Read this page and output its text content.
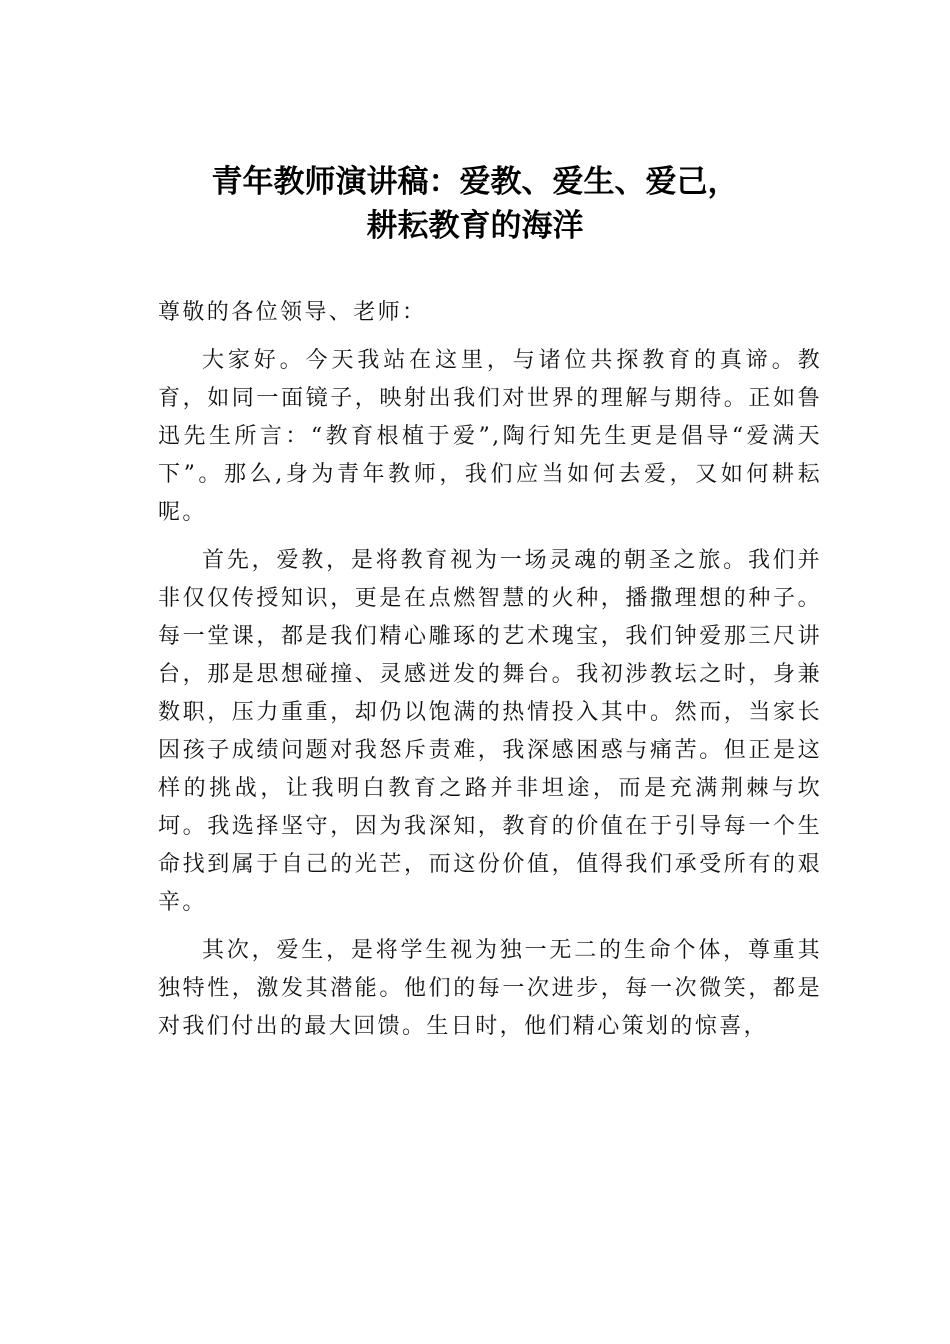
青年教师演讲稿：爱教、爱生、爱己，
耕耘教育的海洋

尊敬的各位领导、老师：

大家好。今天我站在这里，与诸位共探教育的真谛。教育，如同一面镜子，映射出我们对世界的理解与期待。正如鲁迅先生所言：“教育根植于爱”,陶行知先生更是倡导“爱满天下”。那么,身为青年教师，我们应当如何去爱，又如何耕耘呢。

首先，爱教，是将教育视为一场灵魂的朝圣之旅。我们并非仅仅传授知识，更是在点燃智慧的火种，播撒理想的种子。每一堂课，都是我们精心雕琢的艺术瑰宝，我们钟爱那三尺讲台，那是思想碰撞、灵感迸发的舞台。我初涉教坛之时，身兼数职，压力重重，却仍以饱满的热情投入其中。然而，当家长因孩子成绩问题对我怒斥责难，我深感困惑与痛苦。但正是这样的挑战，让我明白教育之路并非坦途，而是充满荆棘与坎坷。我选择坚守，因为我深知，教育的价值在于引导每一个生命找到属于自己的光芒，而这份价值，值得我们承受所有的艰辛。

其次，爱生，是将学生视为独一无二的生命个体，尊重其独特性，激发其潜能。他们的每一次进步，每一次微笑，都是对我们付出的最大回馈。生日时，他们精心策划的惊喜，
